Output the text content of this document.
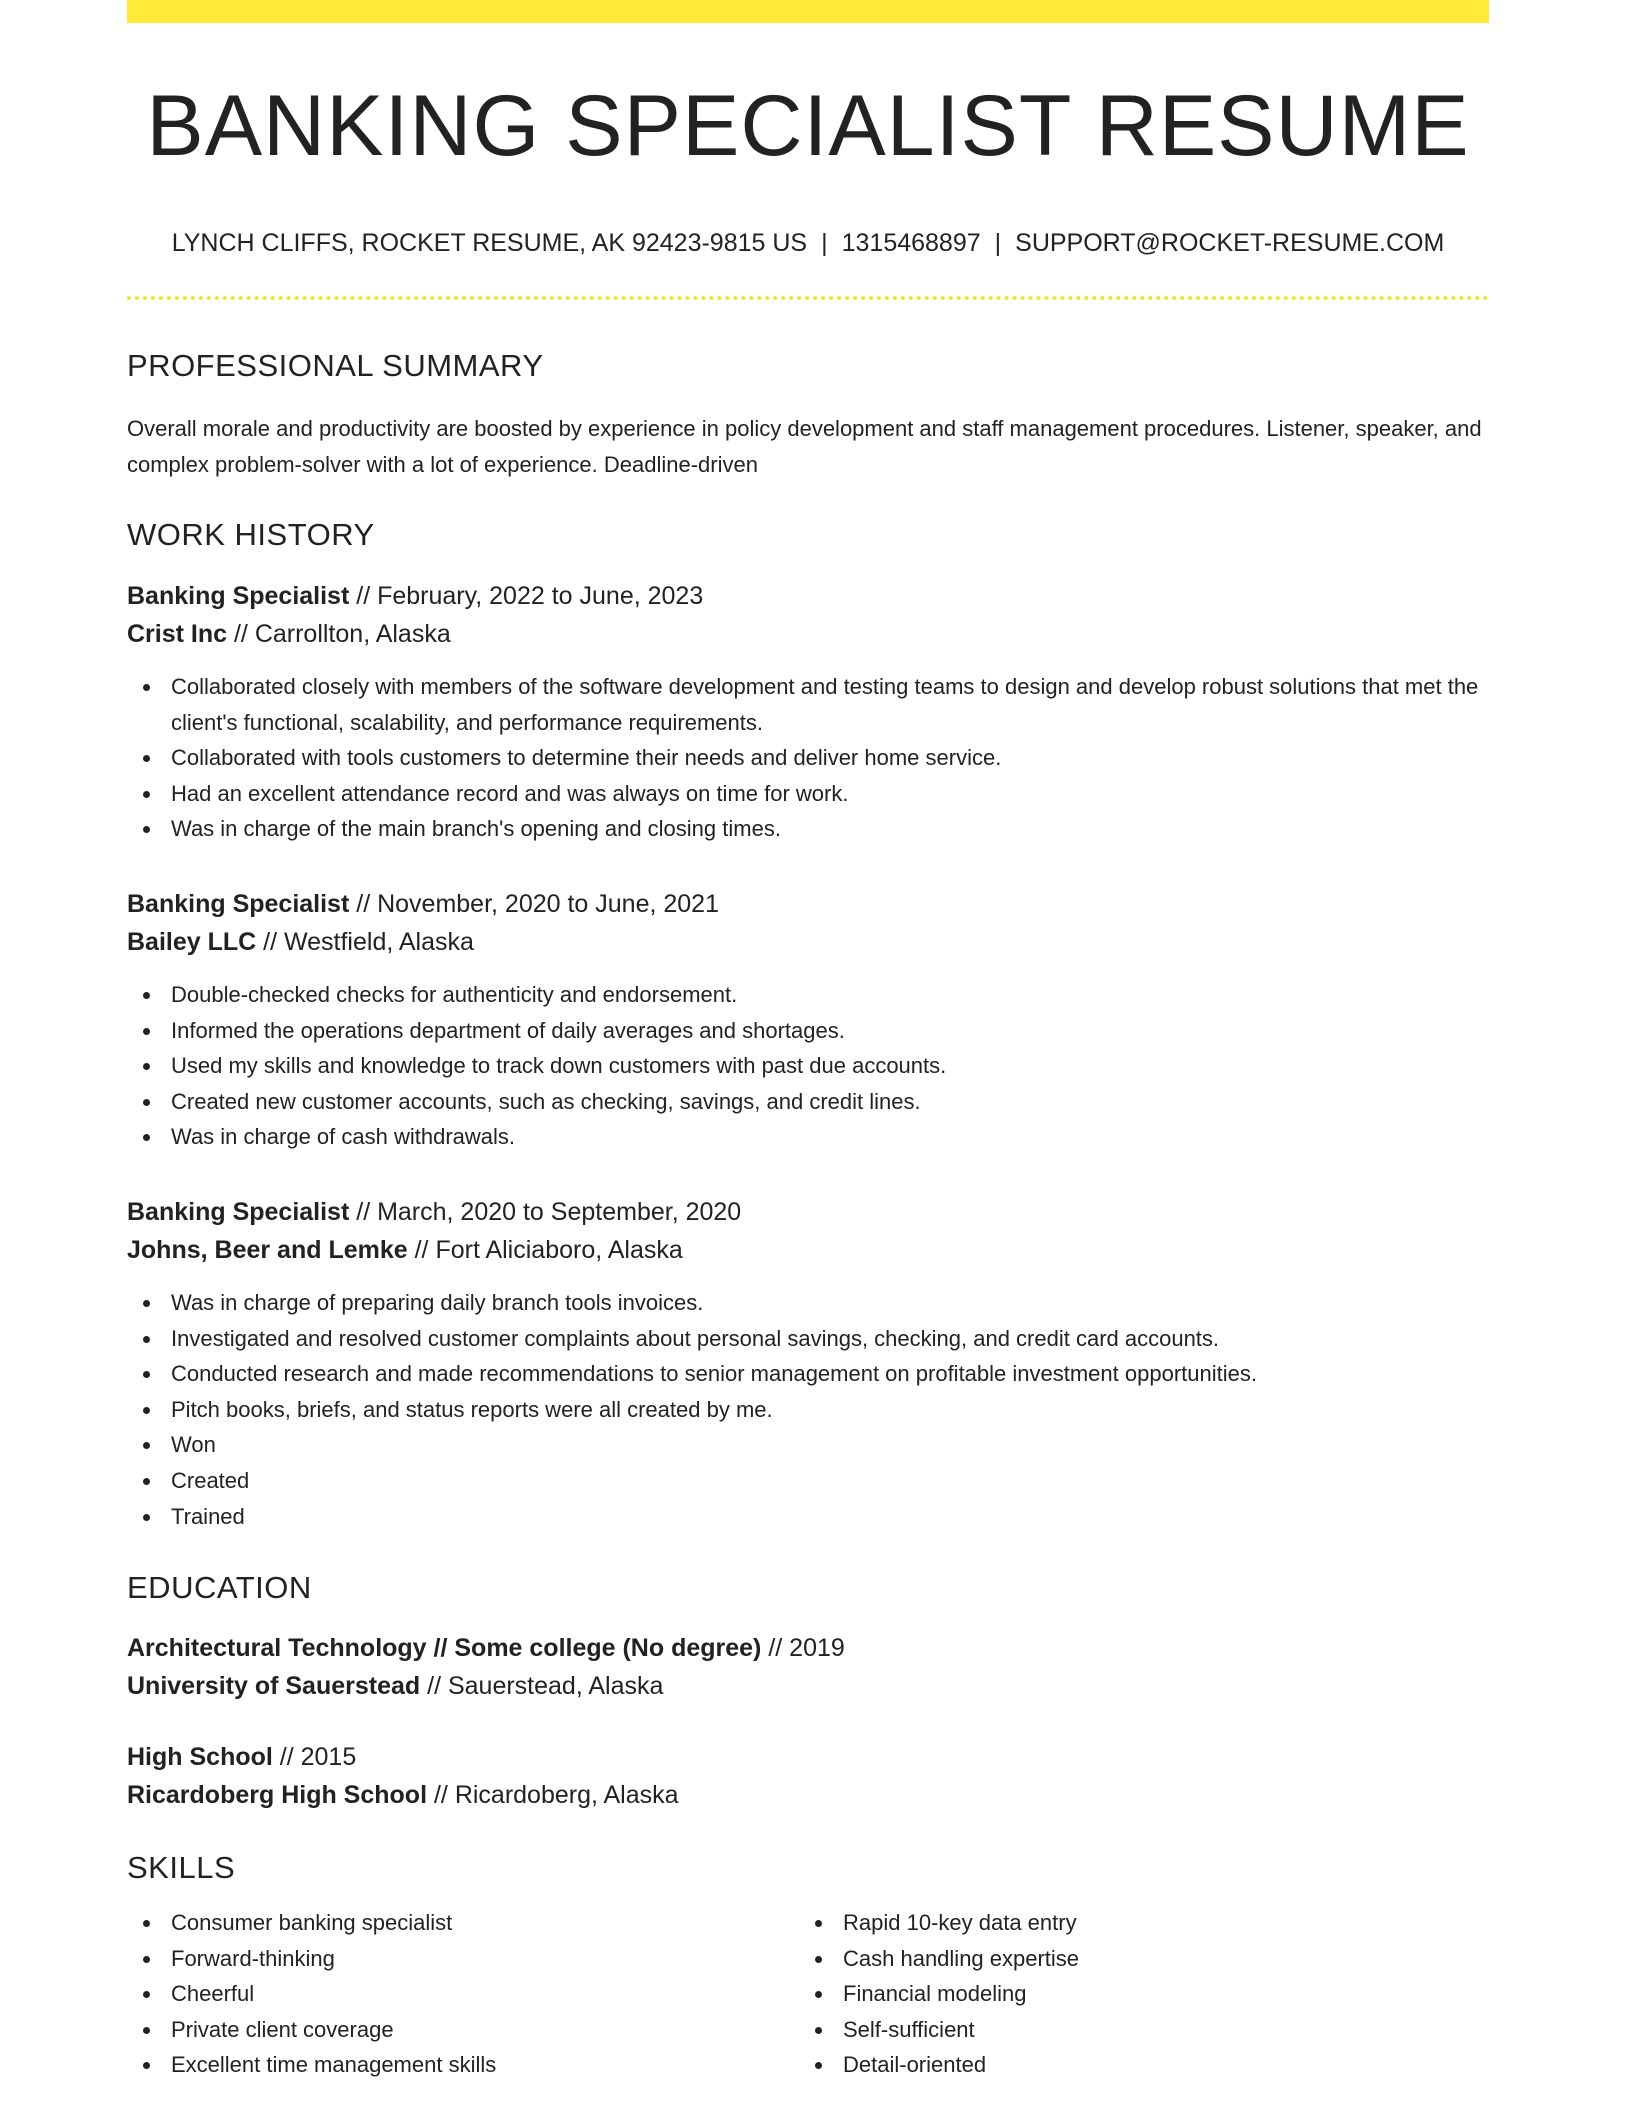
BANKING SPECIALIST RESUME
LYNCH CLIFFS, ROCKET RESUME, AK 92423-9815 US | 1315468897 | SUPPORT@ROCKET-RESUME.COM
PROFESSIONAL SUMMARY

Overall morale and productivity are boosted by experience in policy development and staff management procedures. Listener, speaker, and complex problem-solver with a lot of experience. Deadline-driven

WORK HISTORY
Banking Specialist // February, 2022 to June, 2023
Crist Inc // Carrollton, Alaska
Collaborated closely with members of the software development and testing teams to design and develop robust solutions that met the client's functional, scalability, and performance requirements.
Collaborated with tools customers to determine their needs and deliver home service.
Had an excellent attendance record and was always on time for work.
Was in charge of the main branch's opening and closing times.
Banking Specialist // November, 2020 to June, 2021
Bailey LLC // Westfield, Alaska
Double-checked checks for authenticity and endorsement.
Informed the operations department of daily averages and shortages.
Used my skills and knowledge to track down customers with past due accounts.
Created new customer accounts, such as checking, savings, and credit lines.
Was in charge of cash withdrawals.
Banking Specialist // March, 2020 to September, 2020
Johns, Beer and Lemke // Fort Aliciaboro, Alaska
Was in charge of preparing daily branch tools invoices.
Investigated and resolved customer complaints about personal savings, checking, and credit card accounts.
Conducted research and made recommendations to senior management on profitable investment opportunities.
Pitch books, briefs, and status reports were all created by me.
Won
Created
Trained
EDUCATION
Architectural Technology // Some college (No degree) // 2019
University of Sauerstead // Sauerstead, Alaska
High School // 2015
Ricardoberg High School // Ricardoberg, Alaska
SKILLS
Consumer banking specialist
Forward-thinking
Cheerful
Private client coverage
Excellent time management skills
Rapid 10-key data entry
Cash handling expertise
Financial modeling
Self-sufficient
Detail-oriented
